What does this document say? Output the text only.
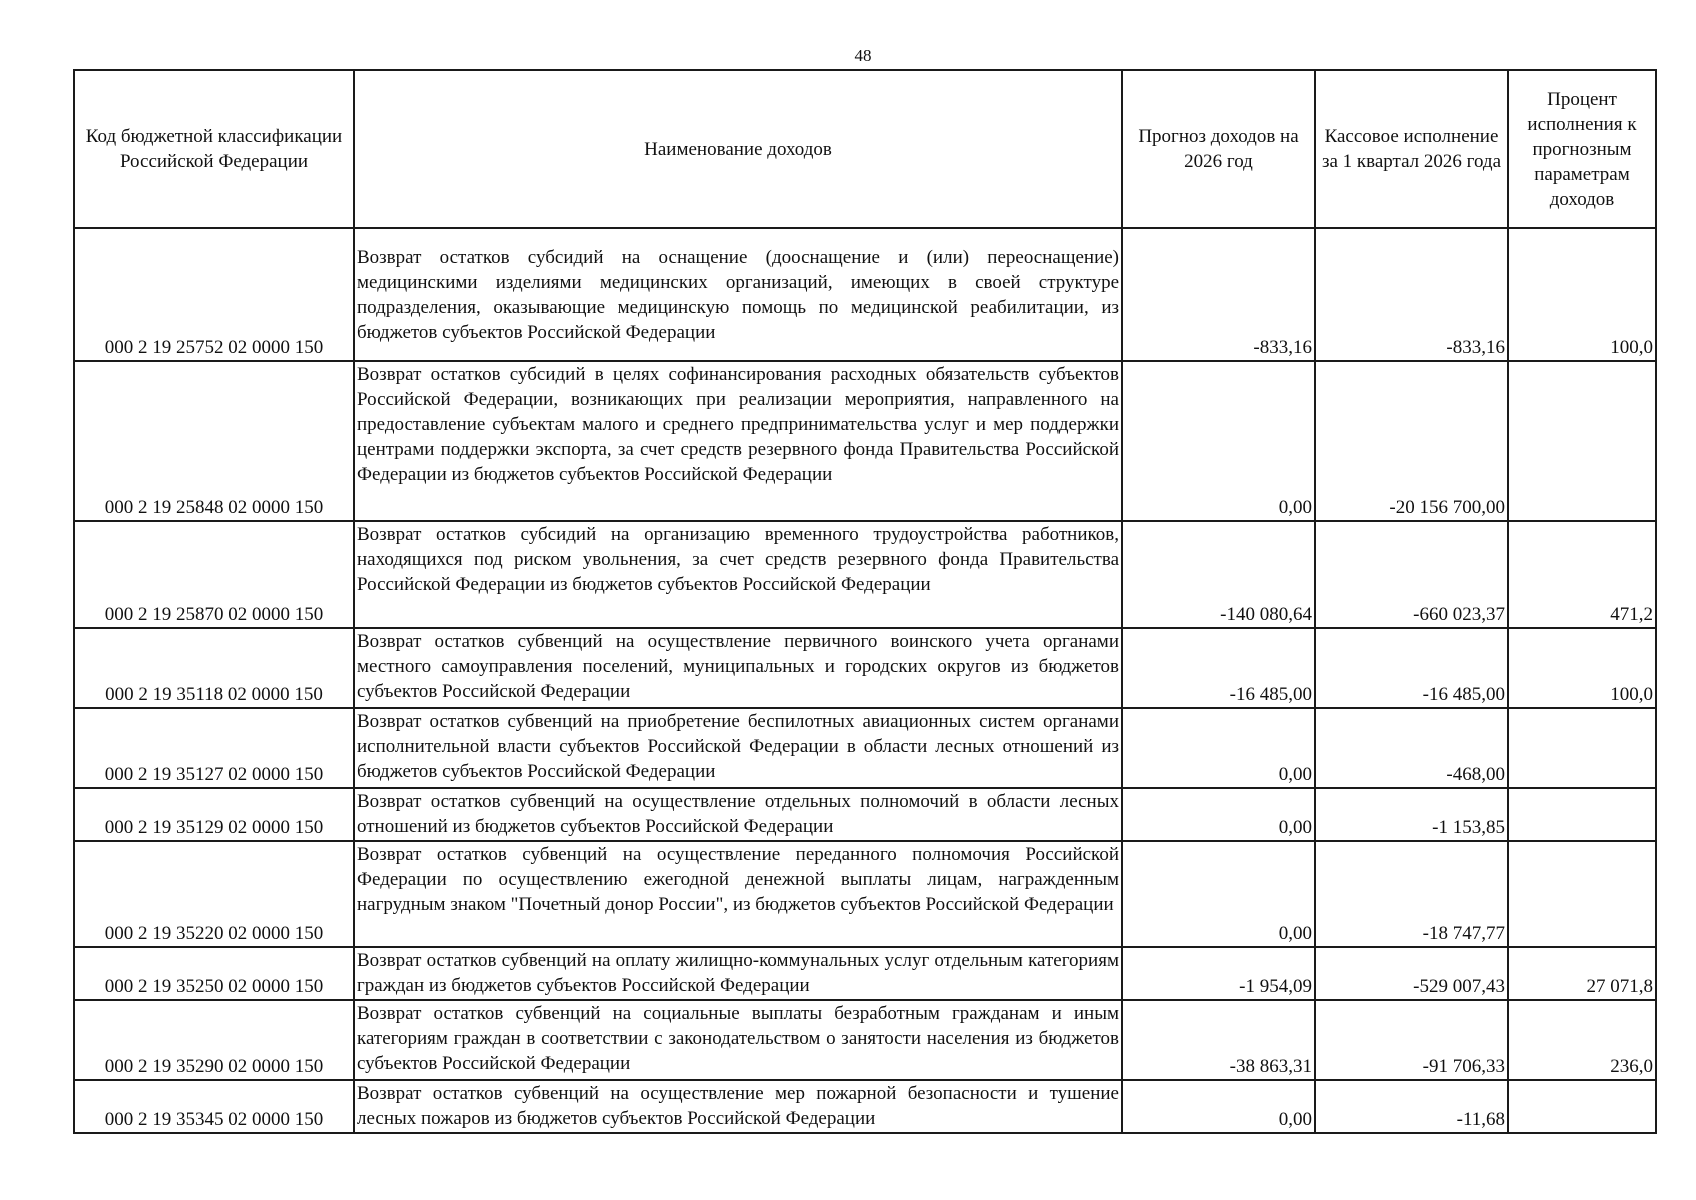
48
Код бюджетной классификации Российской Федерации	Наименование доходов	Прогноз доходов на 2026 год	Кассовое исполнение за 1 квартал 2026 года	Процент исполнения к прогнозным параметрам доходов
000 2 19 25752 02 0000 150	Возврат остатков субсидий на оснащение (дооснащение и (или) переоснащение) медицинскими изделиями медицинских организаций, имеющих в своей структуре подразделения, оказывающие медицинскую помощь по медицинской реабилитации, из бюджетов субъектов Российской Федерации	-833,16	-833,16	100,0
000 2 19 25848 02 0000 150	Возврат остатков субсидий в целях софинансирования расходных обязательств субъектов Российской Федерации, возникающих при реализации мероприятия, направленного на предоставление субъектам малого и среднего предпринимательства услуг и мер поддержки центрами поддержки экспорта, за счет средств резервного фонда Правительства Российской Федерации из бюджетов субъектов Российской Федерации	0,00	-20 156 700,00	
000 2 19 25870 02 0000 150	Возврат остатков субсидий на организацию временного трудоустройства работников, находящихся под риском увольнения, за счет средств резервного фонда Правительства Российской Федерации из бюджетов субъектов Российской Федерации	-140 080,64	-660 023,37	471,2
000 2 19 35118 02 0000 150	Возврат остатков субвенций на осуществление первичного воинского учета органами местного самоуправления поселений, муниципальных и городских округов из бюджетов субъектов Российской Федерации	-16 485,00	-16 485,00	100,0
000 2 19 35127 02 0000 150	Возврат остатков субвенций на приобретение беспилотных авиационных систем органами исполнительной власти субъектов Российской Федерации в области лесных отношений из бюджетов субъектов Российской Федерации	0,00	-468,00	
000 2 19 35129 02 0000 150	Возврат остатков субвенций на осуществление отдельных полномочий в области лесных отношений из бюджетов субъектов Российской Федерации	0,00	-1 153,85	
000 2 19 35220 02 0000 150	Возврат остатков субвенций на осуществление переданного полномочия Российской Федерации по осуществлению ежегодной денежной выплаты лицам, награжденным нагрудным знаком "Почетный донор России", из бюджетов субъектов Российской Федерации	0,00	-18 747,77	
000 2 19 35250 02 0000 150	Возврат остатков субвенций на оплату жилищно-коммунальных услуг отдельным категориям граждан из бюджетов субъектов Российской Федерации	-1 954,09	-529 007,43	27 071,8
000 2 19 35290 02 0000 150	Возврат остатков субвенций на социальные выплаты безработным гражданам и иным категориям граждан в соответствии с законодательством о занятости населения из бюджетов субъектов Российской Федерации	-38 863,31	-91 706,33	236,0
000 2 19 35345 02 0000 150	Возврат остатков субвенций на осуществление мер пожарной безопасности и тушение лесных пожаров из бюджетов субъектов Российской Федерации	0,00	-11,68	
